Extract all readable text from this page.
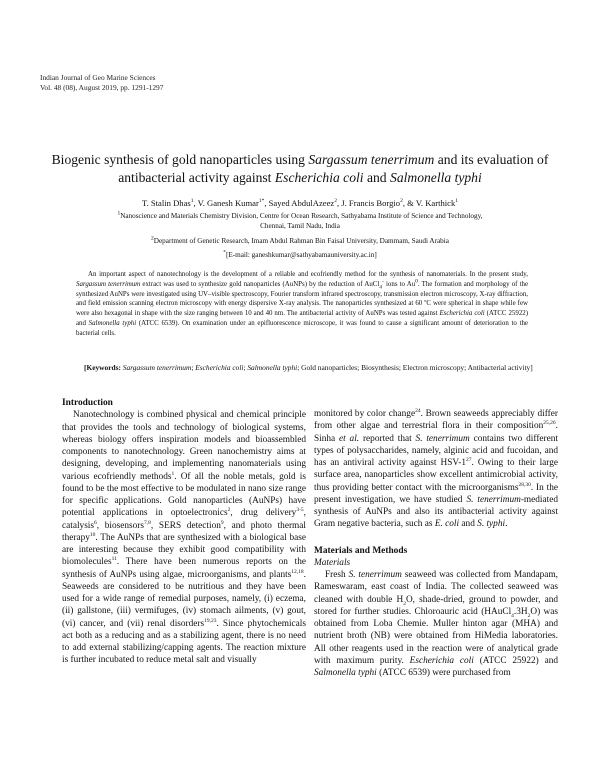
Indian Journal of Geo Marine Sciences
Vol. 48 (08), August 2019, pp. 1291-1297
Biogenic synthesis of gold nanoparticles using Sargassum tenerrimum and its evaluation of antibacterial activity against Escherichia coli and Salmonella typhi
T. Stalin Dhas$^1$, V. Ganesh Kumar$^{1*}$, Sayed AbdulAzeez$^2$, J. Francis Borgio$^2$, & V. Karthick$^1$
$^1$Nanoscience and Materials Chemistry Division, Centre for Ocean Research, Sathyabama Institute of Science and Technology,
Chennai, Tamil Nadu, India
$^2$Department of Genetic Research, Imam Abdul Rahman Bin Faisal University, Dammam, Saudi Arabia
*[E-mail: ganeshkumar@sathyabamauniversity.ac.in]
An important aspect of nanotechnology is the development of a reliable and ecofriendly method for the synthesis of nanomaterials. In the present study, Sargassum tenerrimum extract was used to synthesize gold nanoparticles (AuNPs) by the reduction of AuCl$_4$- ions to Au$^0$. The formation and morphology of the synthesized AuNPs were investigated using UV–visible spectroscopy, Fourier transform infrared spectroscopy, transmission electron microscopy, X-ray diffraction, and field emission scanning electron microscopy with energy dispersive X-ray analysis. The nanoparticles synthesized at 60 ºC were spherical in shape while few were also hexagonal in shape with the size ranging between 10 and 40 nm. The antibacterial activity of AuNPs was tested against Escherichia coli (ATCC 25922) and Salmonella typhi (ATCC 6539). On examination under an epifluorescence microscope, it was found to cause a significant amount of deterioration to the bacterial cells.
[Keywords: Sargassum tenerrimum; Escherichia coli; Salmonella typhi; Gold nanoparticles; Biosynthesis; Electron microscopy; Antibacterial activity]
Introduction

Nanotechnology is combined physical and chemical principle that provides the tools and technology of biological systems, whereas biology offers inspiration models and bioassembled components to nanotechnology. Green nanochemistry aims at designing, developing, and implementing nanomaterials using various ecofriendly methods$^1$. Of all the noble metals, gold is found to be the most effective to be modulated in nano size range for specific applications. Gold nanoparticles (AuNPs) have potential applications in optoelectronics$^2$, drug delivery$^{3-5}$, catalysis$^6$, biosensors$^{7,8}$, SERS detection$^9$, and photo thermal therapy$^{10}$. The AuNPs that are synthesized with a biological base are interesting because they exhibit good compatibility with biomolecules$^{11}$. There have been numerous reports on the synthesis of AuNPs using algae, microorganisms, and plants$^{12,18}$. Seaweeds are considered to be nutritious and they have been used for a wide range of remedial purposes, namely, (i) eczema, (ii) gallstone, (iii) vermifuges, (iv) stomach ailments, (v) gout, (vi) cancer, and (vii) renal disorders$^{19,23}$. Since phytochemicals act both as a reducing and as a stabilizing agent, there is no need to add external stabilizing/capping agents. The reaction mixture is further incubated to reduce metal salt and visually

monitored by color change$^{24}$. Brown seaweeds appreciably differ from other algae and terrestrial flora in their composition$^{25,26}$. Sinha et al. reported that S. tenerrimum contains two different types of polysaccharides, namely, alginic acid and fucoidan, and has an antiviral activity against HSV-$1^{27}$. Owing to their large surface area, nanoparticles show excellent antimicrobial activity, thus providing better contact with the microorganisms$^{28,30}$. In the present investigation, we have studied S. tenerrimum-mediated synthesis of AuNPs and also its antibacterial activity against Gram negative bacteria, such as E. coli and S. typhi.

Materials and Methods
Materials

Fresh S. tenerrimum seaweed was collected from Mandapam, Rameswaram, east coast of India. The collected seaweed was cleaned with double $H_2O$, shade-dried, ground to powder, and stored for further studies. Chloroauric acid $(HAuCl_4.3H_2O)$ was obtained from Loba Chemie. Muller hinton agar (MHA) and nutrient broth (NB) were obtained from HiMedia laboratories. All other reagents used in the reaction were of analytical grade with maximum purity. Escherichia coli (ATCC 25922) and Salmonella typhi (ATCC 6539) were purchased from
